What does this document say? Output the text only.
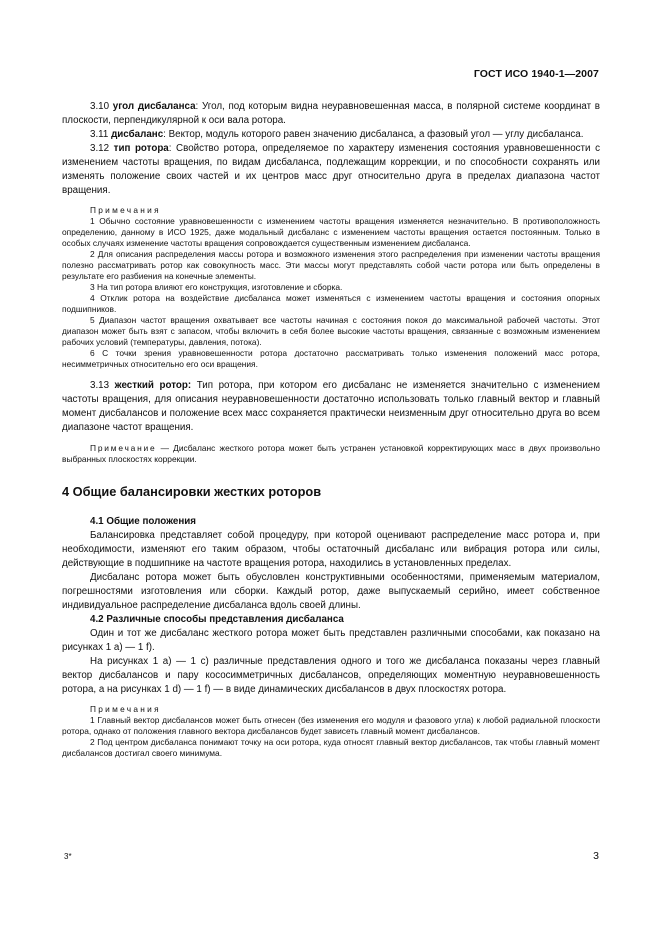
ГОСТ ИСО 1940-1—2007

3.10 угол дисбаланса: Угол, под которым видна неуравновешенная масса, в полярной системе координат в плоскости, перпендикулярной к оси вала ротора.

3.11 дисбаланс: Вектор, модуль которого равен значению дисбаланса, а фазовый угол — углу дисбаланса.

3.12 тип ротора: Свойство ротора, определяемое по характеру изменения состояния уравновешенности с изменением частоты вращения, по видам дисбаланса, подлежащим коррекции, и по способности сохранять или изменять положение своих частей и их центров масс друг относительно друга в пределах диапазона частот вращения.

Примечания

1 Обычно состояние уравновешенности с изменением частоты вращения изменяется незначительно. В противоположность определению, данному в ИСО 1925, даже модальный дисбаланс с изменением частоты вращения остается постоянным. Только в особых случаях изменение частоты вращения сопровождается существенным изменением дисбаланса.

2 Для описания распределения массы ротора и возможного изменения этого распределения при изменении частоты вращения полезно рассматривать ротор как совокупность масс. Эти массы могут представлять собой части ротора или быть определены в результате его разбиения на конечные элементы.

3 На тип ротора влияют его конструкция, изготовление и сборка.

4 Отклик ротора на воздействие дисбаланса может изменяться с изменением частоты вращения и состояния опорных подшипников.

5 Диапазон частот вращения охватывает все частоты начиная с состояния покоя до максимальной рабочей частоты. Этот диапазон может быть взят с запасом, чтобы включить в себя более высокие частоты вращения, связанные с возможным изменением рабочих условий (температуры, давления, потока).

6 С точки зрения уравновешенности ротора достаточно рассматривать только изменения положений масс ротора, несимметричных относительно его оси вращения.

3.13 жесткий ротор: Тип ротора, при котором его дисбаланс не изменяется значительно с изменением частоты вращения, для описания неуравновешенности достаточно использовать только главный вектор и главный момент дисбалансов и положение всех масс сохраняется практически неизменным друг относительно друга во всем диапазоне частот вращения.

Примечание — Дисбаланс жесткого ротора может быть устранен установкой корректирующих масс в двух произвольно выбранных плоскостях коррекции.

4 Общие балансировки жестких роторов

4.1 Общие положения

Балансировка представляет собой процедуру, при которой оценивают распределение масс ротора и, при необходимости, изменяют его таким образом, чтобы остаточный дисбаланс или вибрация ротора или силы, действующие в подшипнике на частоте вращения ротора, находились в установленных пределах.

Дисбаланс ротора может быть обусловлен конструктивными особенностями, применяемым материалом, погрешностями изготовления или сборки. Каждый ротор, даже выпускаемый серийно, имеет собственное индивидуальное распределение дисбаланса вдоль своей длины.

4.2 Различные способы представления дисбаланса

Один и тот же дисбаланс жесткого ротора может быть представлен различными способами, как показано на рисунках 1 а) — 1 f).

На рисунках 1 а) — 1 с) различные представления одного и того же дисбаланса показаны через главный вектор дисбалансов и пару кососимметричных дисбалансов, определяющих моментную неуравновешенность ротора, а на рисунках 1 d) — 1 f) — в виде динамических дисбалансов в двух плоскостях ротора.

Примечания

1 Главный вектор дисбалансов может быть отнесен (без изменения его модуля и фазового угла) к любой радиальной плоскости ротора, однако от положения главного вектора дисбалансов будет зависеть главный момент дисбалансов.

2 Под центром дисбаланса понимают точку на оси ротора, куда относят главный вектор дисбалансов, так чтобы главный момент дисбалансов достигал своего минимума.

3*	3
